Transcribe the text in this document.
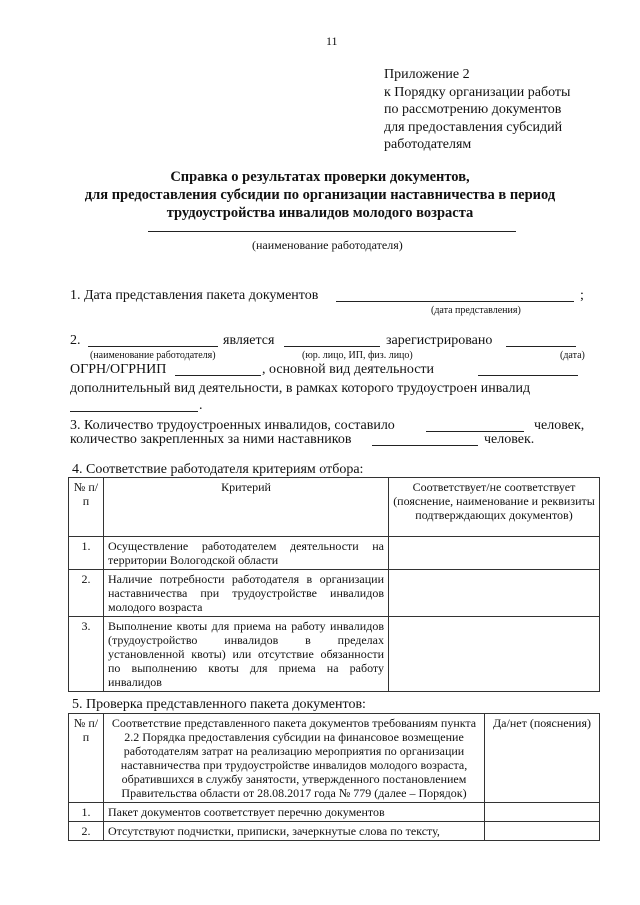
11
Приложение 2
к Порядку организации работы
по рассмотрению документов
для предоставления субсидий
работодателям
Справка о результатах проверки документов,
для предоставления субсидии по организации наставничества в период
трудоустройства инвалидов молодого возраста
(наименование работодателя)
1. Дата представления пакета документов	;
(дата представления)
2.	является	зарегистрировано
(наименование работодателя)	(юр. лицо, ИП, физ. лицо)	(дата)
ОГРН/ОГРНИП	, основной вид деятельности
дополнительный вид деятельности, в рамках которого трудоустроен инвалид
.
3. Количество трудоустроенных инвалидов, составило	человек,
количество закрепленных за ними наставников	человек.
4. Соответствие работодателя критериям отбора:
№ п/п	Критерий	Соответствует/не соответствует (пояснение, наименование и реквизиты подтверждающих документов)
1.	Осуществление работодателем деятельности на территории Вологодской области	
2.	Наличие потребности работодателя в организации наставничества при трудоустройстве инвалидов молодого возраста	
3.	Выполнение квоты для приема на работу инвалидов (трудоустройство инвалидов в пределах установленной квоты) или отсутствие обязанности по выполнению квоты для приема на работу инвалидов	
5. Проверка представленного пакета документов:
№ п/п	Соответствие представленного пакета документов требованиям пункта 2.2 Порядка предоставления субсидии на финансовое возмещение работодателям затрат на реализацию мероприятия по организации наставничества при трудоустройстве инвалидов молодого возраста, обратившихся в службу занятости, утвержденного постановлением Правительства области от 28.08.2017 года № 779 (далее – Порядок)	Да/нет (пояснения)
1.	Пакет документов соответствует перечню документов	
2.	Отсутствуют подчистки, приписки, зачеркнутые слова по тексту,	
